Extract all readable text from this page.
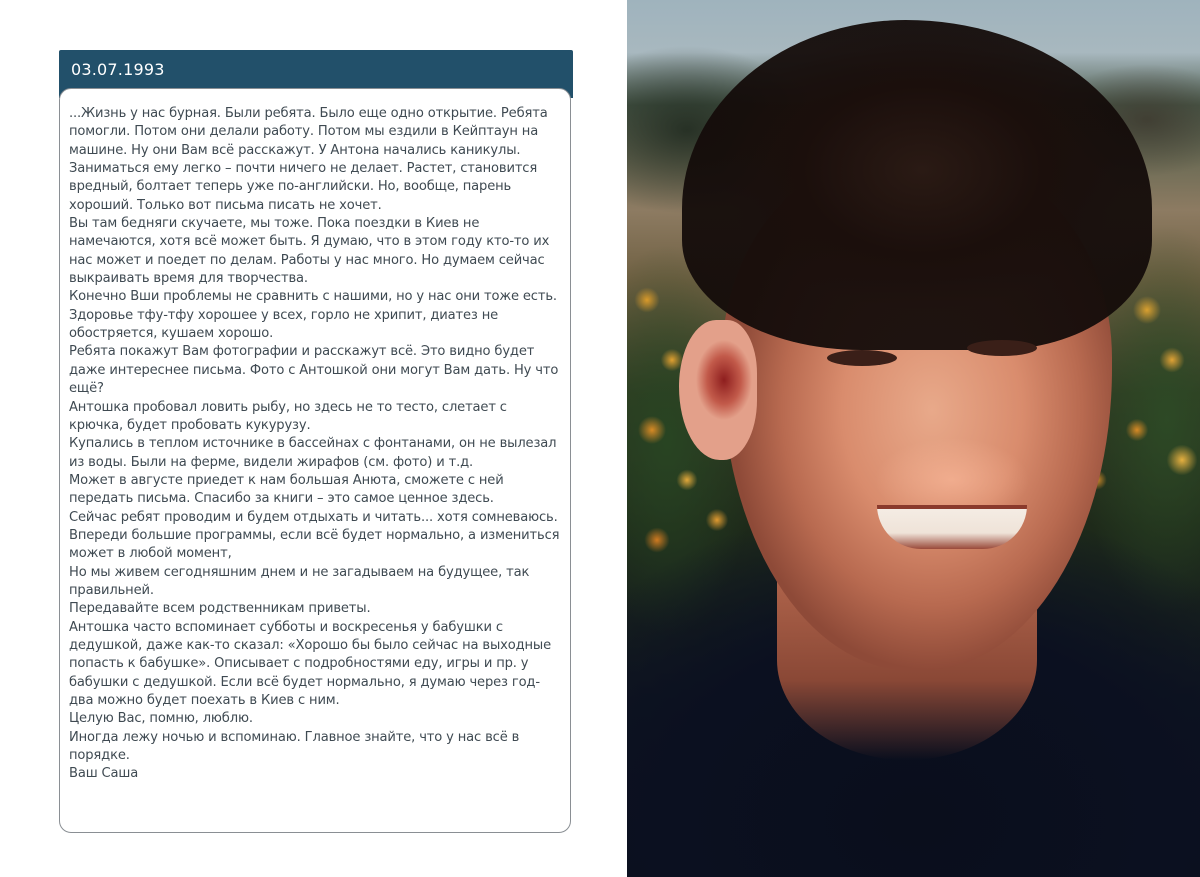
03.07.1993
...Жизнь у нас бурная. Были ребята. Было еще одно открытие. Ребята
помогли. Потом они делали работу. Потом мы ездили в Кейптаун на
машине. Ну они Вам всё расскажут. У Антона начались каникулы.
Заниматься ему легко – почти ничего не делает. Растет, становится
вредный, болтает теперь уже по-английски. Но, вообще, парень
хороший. Только вот письма писать не хочет.
Вы там бедняги скучаете, мы тоже. Пока поездки в Киев не
намечаются, хотя всё может быть. Я думаю, что в этом году кто-то их
нас может и поедет по делам. Работы у нас много. Но думаем сейчас
выкраивать время для творчества.
Конечно Вши проблемы не сравнить с нашими, но у нас они тоже есть.
Здоровье тфу-тфу хорошее у всех, горло не хрипит, диатез не
обостряется, кушаем хорошо.
Ребята покажут Вам фотографии и расскажут всё. Это видно будет
даже интереснее письма. Фото с Антошкой они могут Вам дать. Ну что
ещё?
Антошка пробовал ловить рыбу, но здесь не то тесто, слетает с
крючка, будет пробовать кукурузу.
Купались в теплом источнике в бассейнах с фонтанами, он не вылезал
из воды. Были на ферме, видели жирафов (см. фото) и т.д.
Может в августе приедет к нам большая Анюта, сможете с ней
передать письма. Спасибо за книги – это самое ценное здесь.
Сейчас ребят проводим и будем отдыхать и читать... хотя сомневаюсь.
Впереди большие программы, если всё будет нормально, а измениться
может в любой момент,
Но мы живем сегодняшним днем и не загадываем на будущее, так
правильней.
Передавайте всем родственникам приветы.
Антошка часто вспоминает субботы и воскресенья у бабушки с
дедушкой, даже как-то сказал: «Хорошо бы было сейчас на выходные
попасть к бабушке». Описывает с подробностями еду, игры и пр. у
бабушки с дедушкой. Если всё будет нормально, я думаю через год-
два можно будет поехать в Киев с ним.
Целую Вас, помню, люблю.
Иногда лежу ночью и вспоминаю. Главное знайте, что у нас всё в
порядке.
Ваш Саша
